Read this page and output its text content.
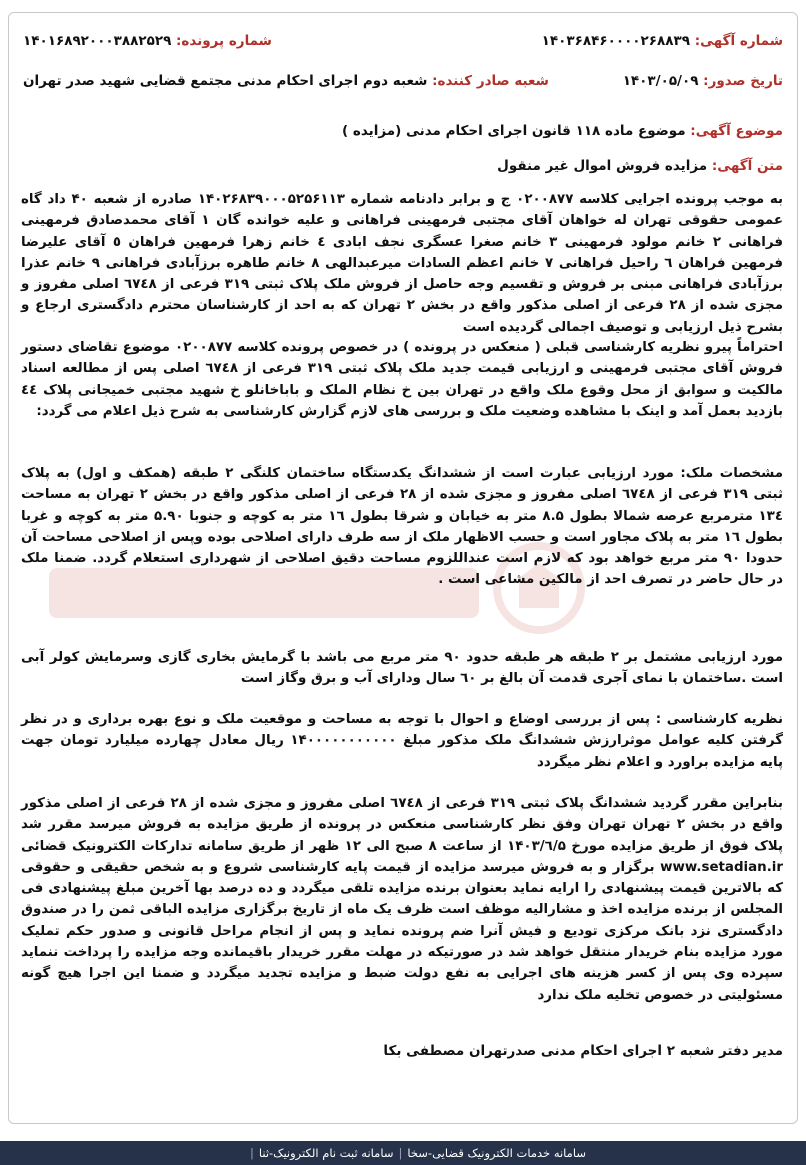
شماره آگهی: ۱۴۰۳۶۸۴۶۰۰۰۰۲۶۸۸۳۹
شماره پرونده: ۱۴۰۱۶۸۹۲۰۰۰۳۸۸۲۵۲۹
تاریخ صدور: ۱۴۰۳/۰۵/۰۹
شعبه صادر کننده: شعبه دوم اجرای احکام مدنی مجتمع قضایی شهید صدر تهران
موضوع آگهی: موضوع ماده ۱۱۸ قانون اجرای احکام مدنی (مزایده )
متن آگهی: مزایده فروش اموال غیر منقول
به موجب پرونده اجرایی کلاسه ۰۲۰۰۸۷۷ ج و برابر دادنامه شماره ۱۴۰۲۶۸۳۹۰۰۰۵۲۵۶۱۱۳ صادره از شعبه ۴۰ داد گاه عمومی حقوقی تهران له خواهان آقای مجتبی فرمهینی فراهانی و علیه خوانده گان ۱ آقای محمدصادق فرمهینی فراهانی ۲ خانم مولود فرمهینی ۳ خانم صغرا عسگری نجف ابادی ٤ خانم زهرا فرمهین فراهان ٥ آقای علیرضا فرمهین فراهان ٦ راحیل فراهانی ۷ خانم اعظم السادات میرعبدالهی ۸ خانم طاهره برزآبادی فراهانی ۹ خانم عذرا برزآبادی فراهانی مبنی بر فروش و تقسیم وجه حاصل از فروش ملک پلاک ثبتی ۳۱۹ فرعی از ٦۷٤۸ اصلی مفروز و مجزی شده از ۲۸ فرعی از اصلی مذکور واقع در بخش ۲ تهران که به احد از کارشناسان محترم دادگستری ارجاع و بشرح ذیل ارزیابی و توصیف اجمالی گردیده است
احتراماً پیرو نظریه کارشناسی قبلی ( منعکس در پرونده ) در خصوص پرونده کلاسه ۰۲۰۰۸۷۷ موضوع تقاضای دستور فروش آقای مجتبی فرمهینی و ارزیابی قیمت جدید ملک پلاک ثبتی ۳۱۹ فرعی از ٦۷٤۸ اصلی پس از مطالعه اسناد مالکیت و سوابق از محل وقوع ملک واقع در تهران بین خ نظام الملک و باباخانلو خ شهید مجتبی خمیجانی پلاک ٤٤ بازدید بعمل آمد و اینک با مشاهده وضعیت ملک و بررسی های لازم گزارش کارشناسی به شرح ذیل اعلام می گردد:
مشخصات ملک: مورد ارزیابی عبارت است از ششدانگ یکدستگاه ساختمان کلنگی ۲ طبقه (همکف و اول) به پلاک ثبتی ۳۱۹ فرعی از ٦۷٤۸ اصلی مفروز و مجزی شده از ۲۸ فرعی از اصلی مذکور واقع در بخش ۲ تهران به مساحت ۱۳٤ مترمربع عرصه شمالا بطول ۸.۵ متر به خیابان و شرقا بطول ۱٦ متر به کوچه و جنوبا ۵.۹۰ متر به کوچه و غربا بطول ۱٦ متر به پلاک مجاور است و حسب الاظهار ملک از سه طرف دارای اصلاحی بوده وپس از اصلاحی مساحت آن حدودا ۹۰ متر مربع خواهد بود که لازم است عنداللزوم مساحت دقیق اصلاحی از شهرداری استعلام گردد. ضمنا ملک در حال حاضر در تصرف احد از مالکین مشاعی است .
مورد ارزیابی مشتمل بر ۲ طبقه هر طبقه حدود ۹۰ متر مربع می باشد با گرمایش بخاری گازی وسرمایش کولر آبی است .ساختمان با نمای آجری قدمت آن بالغ بر ٦۰ سال ودارای آب و برق وگاز است
نظریه کارشناسی : پس از بررسی اوضاع و احوال با توجه به مساحت و موقعیت ملک و نوع بهره برداری و در نظر گرفتن کلیه عوامل موثرارزش ششدانگ ملک مذکور مبلغ ۱۴۰۰۰۰۰۰۰۰۰۰۰ ریال معادل چهارده میلیارد تومان جهت پایه مزایده براورد و اعلام نظر میگردد
بنابراین مقرر گردید ششدانگ پلاک ثبتی ۳۱۹ فرعی از ٦۷٤۸ اصلی مفروز و مجزی شده از ۲۸ فرعی از اصلی مذکور واقع در بخش ۲ تهران تهران وفق نظر کارشناسی منعکس در پرونده از طریق مزایده به فروش میرسد مقرر شد پلاک فوق از طریق مزایده مورخ ۱۴۰۳/٦/۵ از ساعت ۸ صبح الی ۱۲ ظهر از طریق سامانه تدارکات الکترونیک قضائی www.setadian.ir برگزار و به فروش میرسد مزایده از قیمت پایه کارشناسی شروع و به شخص حقیقی و حقوقی که بالاترین قیمت پیشنهادی را ارایه نماید بعنوان برنده مزایده تلقی میگردد و ده درصد بها آخرین مبلغ پیشنهادی فی المجلس از برنده مزایده اخذ و مشارالیه موظف است ظرف یک ماه از تاریخ برگزاری مزایده الباقی ثمن را در صندوق دادگستری نزد بانک مرکزی تودیع و فیش آنرا ضم پرونده نماید و پس از انجام مراحل قانونی و صدور حکم تملیک مورد مزایده بنام خریدار منتقل خواهد شد در صورتیکه در مهلت مقرر خریدار باقیمانده وجه مزایده را پرداخت ننماید سپرده وی پس از کسر هزینه های اجرایی به نفع دولت ضبط و مزایده تجدید میگردد و ضمنا این اجرا هیچ گونه مسئولیتی در خصوص تخلیه ملک ندارد
مدیر دفتر شعبه ۲ اجرای احکام مدنی صدرتهران مصطفی بکا
سامانه خدمات الکترونیک قضایی-سخا|سامانه ثبت نام الکترونیک-ثنا|
